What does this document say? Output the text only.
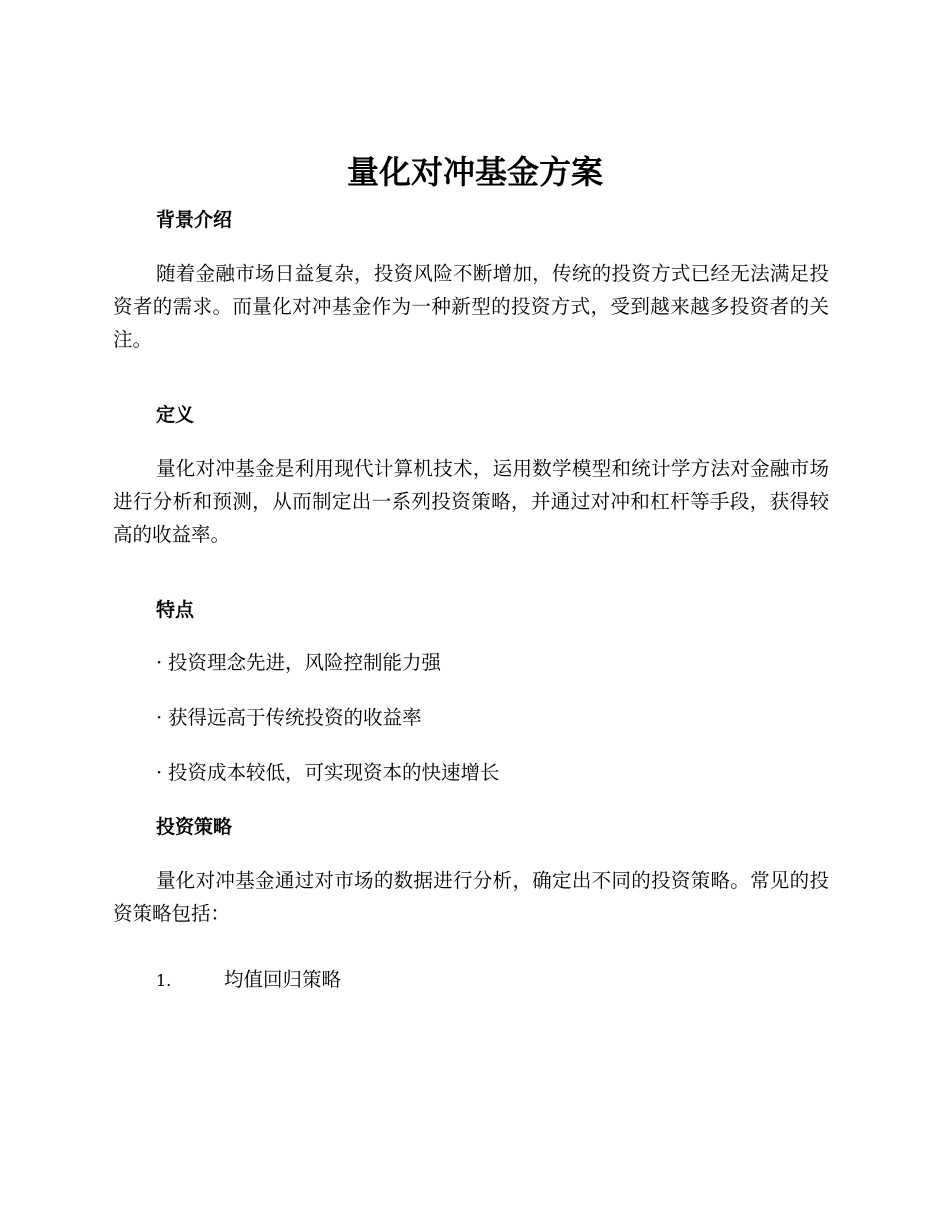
量化对冲基金方案
背景介绍

随着金融市场日益复杂，投资风险不断增加，传统的投资方式已经无法满足投资者的需求。而量化对冲基金作为一种新型的投资方式，受到越来越多投资者的关注。

定义

量化对冲基金是利用现代计算机技术，运用数学模型和统计学方法对金融市场进行分析和预测，从而制定出一系列投资策略，并通过对冲和杠杆等手段，获得较高的收益率。

特点
· 投资理念先进，风险控制能力强
· 获得远高于传统投资的收益率
· 投资成本较低，可实现资本的快速增长
投资策略

量化对冲基金通过对市场的数据进行分析，确定出不同的投资策略。常见的投资策略包括：

1.	均值回归策略
